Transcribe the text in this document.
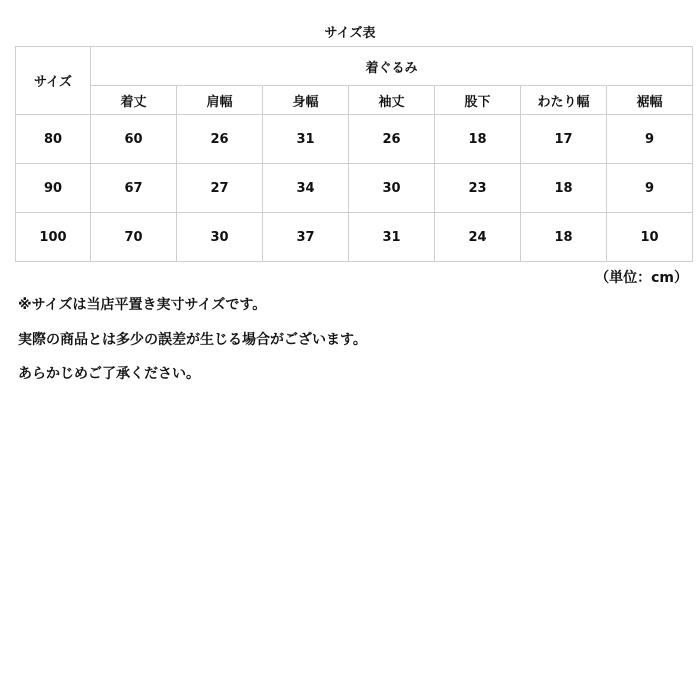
サイズ表
サイズ	着ぐるみ						
	着丈	肩幅	身幅	袖丈	股下	わたり幅	裾幅
80	60	26	31	26	18	17	9
90	67	27	34	30	23	18	9
100	70	30	37	31	24	18	10
（単位：cm）
※サイズは当店平置き実寸サイズです。
実際の商品とは多少の誤差が生じる場合がございます。
あらかじめご了承ください。
